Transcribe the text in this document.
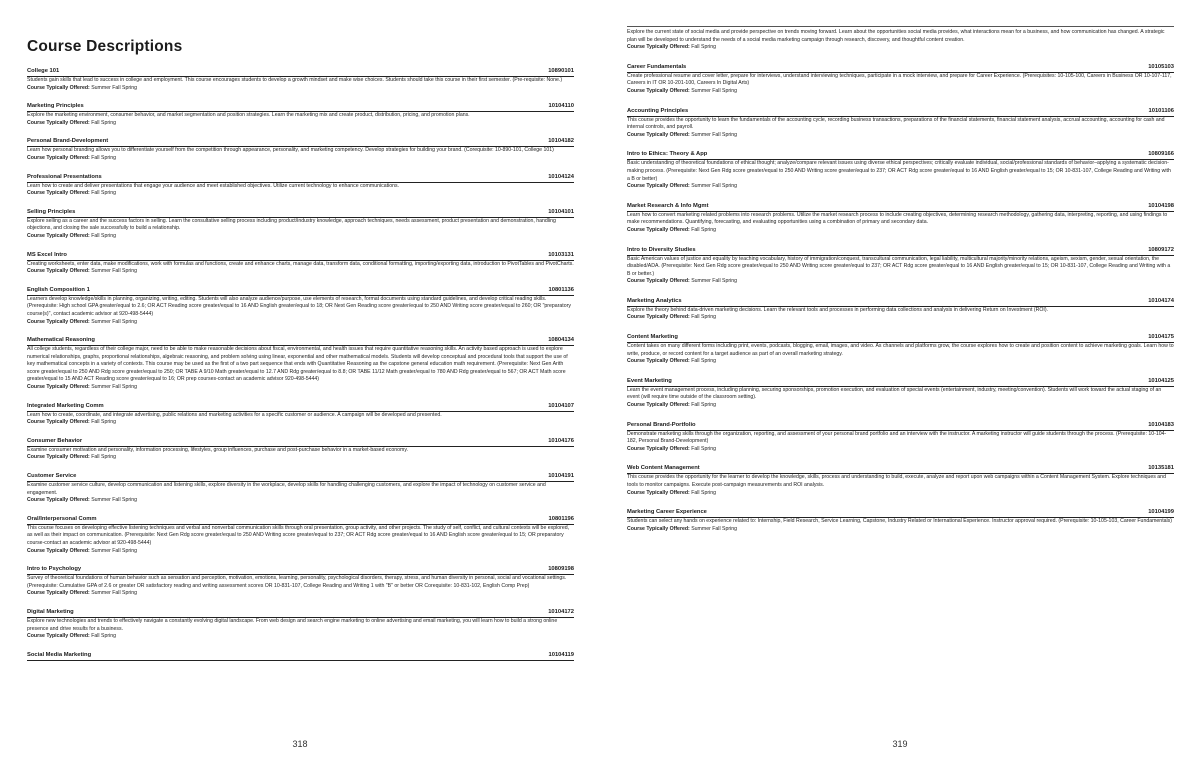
Course Descriptions
College 101	10890101

Students gain skills that lead to success in college and employment. This course encourages students to develop a growth mindset and make wise choices. Students should take this course in their first semester. (Pre-requisite: None.)

Course Typically Offered: Summer Fall Spring

Marketing Principles	10104110

Explore the marketing environment, consumer behavior, and market segmentation and position strategies. Learn the marketing mix and create product, distribution, pricing, and promotion plans.

Course Typically Offered: Fall Spring

Personal Brand-Development	10104182

Learn how personal branding allows you to differentiate yourself from the competition through appearance, personality, and marketing competency. Develop strategies for building your brand. (Corequisite: 10-890-101, College 101)

Course Typically Offered: Fall Spring

Professional Presentations	10104124

Learn how to create and deliver presentations that engage your audience and meet established objectives. Utilize current technology to enhance communications.

Course Typically Offered: Fall Spring

Selling Principles	10104101

Explore selling as a career and the success factors in selling. Learn the consultative selling process including product/industry knowledge, approach techniques, needs assessment, product presentation and demonstration, handling objections, and closing the sale successfully to build a relationship.

Course Typically Offered: Fall Spring

MS Excel Intro	10103131

Creating worksheets, enter data, make modifications, work with formulas and functions, create and enhance charts, manage data, transform data, conditional formatting, importing/exporting data, introduction to PivotTables and PivotCharts.

Course Typically Offered: Summer Fall Spring

English Composition 1	10801136

Learners develop knowledge/skills in planning, organizing, writing, editing. Students will also analyze audience/purpose, use elements of research, format documents using standard guidelines, and develop critical reading skills. (Prerequisite: High school GPA greater/equal to 2.6; OR ACT Reading score greater/equal to 16 AND English greater/equal to 18; OR Next Gen Reading score greater/equal to 250 AND Writing score greater/equal to 260; OR "preparatory course(s)", contact academic advisor at 920-498-5444)

Course Typically Offered: Summer Fall Spring

Mathematical Reasoning	10804134

All college students, regardless of their college major, need to be able to make reasonable decisions about fiscal, environmental, and health issues that require quantitative reasoning skills. An activity based approach is used to explore numerical relationships, graphs, proportional relationships, algebraic reasoning, and problem solving using linear, exponential and other mathematical models. Students will develop conceptual and procedural tools that support the use of key mathematical concepts in a variety of contexts. This course may be used as the first of a two part sequence that ends with Quantitative Reasoning as the capstone general education math requirement. (Prerequisite: Next Gen Arith score greater/equal to 250 AND Rdg score greater/equal to 250; OR TABE A 9/10 Math greater/equal to 12.7 AND Rdg greater/equal to 8.8; OR TABE 11/12 Math greater/equal to 780 AND Rdg greater/equal to 567; OR ACT Math score greater/equal to 15 AND ACT Reading score greater/equal to 16; OR prep courses-contact an academic advisor 920-498-5444)

Course Typically Offered: Summer Fall Spring

Integrated Marketing Comm	10104107

Learn how to create, coordinate, and integrate advertising, public relations and marketing activities for a specific customer or audience. A campaign will be developed and presented.

Course Typically Offered: Fall Spring

Consumer Behavior	10104176

Examine consumer motivation and personality, information processing, lifestyles, group influences, purchase and post-purchase behavior in a market-based economy.

Course Typically Offered: Fall Spring

Customer Service	10104191

Examine customer service culture, develop communication and listening skills, explore diversity in the workplace, develop skills for handling challenging customers, and explore the impact of technology on customer service and engagement.

Course Typically Offered: Summer Fall Spring

Oral/Interpersonal Comm	10801196

This course focuses on developing effective listening techniques and verbal and nonverbal communication skills through oral presentation, group activity, and other projects. The study of self, conflict, and cultural contexts will be explored, as well as their impact on communication. (Prerequisite: Next Gen Rdg score greater/equal to 250 AND Writing score greater/equal to 237; OR ACT Rdg score greater/equal to 16 AND English score greater/equal to 15; OR preparatory course-contact an academic advisor at 920-498-5444)

Course Typically Offered: Summer Fall Spring

Intro to Psychology	10809198

Survey of theoretical foundations of human behavior such as sensation and perception, motivation, emotions, learning, personality, psychological disorders, therapy, stress, and human diversity in personal, social and vocational settings. (Prerequisite: Cumulative GPA of 2.6 or greater OR satisfactory reading and writing assessment scores OR 10-831-107, College Reading and Writing 1 with "B" or better OR Corequisite: 10-831-102, English Comp Prep)

Course Typically Offered: Summer Fall Spring

Digital Marketing	10104172

Explore new technologies and trends to effectively navigate a constantly evolving digital landscape. From web design and search engine marketing to online advertising and email marketing, you will learn how to build a strong online presence and drive results for a business.

Course Typically Offered: Fall Spring

Social Media Marketing	10104119
318

Explore the current state of social media and provide perspective on trends moving forward. Learn about the opportunities social media provides, what interactions mean for a business, and how communication has changed. A strategic plan will be developed to understand the needs of a social media marketing campaign through research, discovery, and thoughtful content creation.

Course Typically Offered: Fall Spring

Career Fundamentals	10105103

Create professional resume and cover letter, prepare for interviews, understand interviewing techniques, participate in a mock interview, and prepare for Career Experience. (Prerequisites: 10-105-100, Careers in Business OR 10-107-117, Careers in IT OR 10-201-100, Careers In Digital Arts)

Course Typically Offered: Summer Fall Spring

Accounting Principles	10101106

This course provides the opportunity to learn the fundamentals of the accounting cycle, recording business transactions, preparations of the financial statements, financial statement analysis, accrual accounting, accounting for cash and internal controls, and payroll.

Course Typically Offered: Summer Fall Spring

Intro to Ethics: Theory & App	10809166

Basic understanding of theoretical foundations of ethical thought; analyze/compare relevant issues using diverse ethical perspectives; critically evaluate individual, social/professional standards of behavior–applying a systematic decision-making process. (Prerequisite: Next Gen Rdg score greater/equal to 250 AND Writing score greater/equal to 237; OR ACT Rdg score greater/equal to 16 AND English greater/equal to 15; OR 10-831-107, College Reading and Writing with a B or better)

Course Typically Offered: Summer Fall Spring

Market Research & Info Mgmt	10104198

Learn how to convert marketing related problems into research problems. Utilize the market research process to include creating objectives, determining research methodology, gathering data, interpreting, reporting, and using findings to make recommendations. Quantifying, forecasting, and evaluating opportunities using a combination of primary and secondary data.

Course Typically Offered: Fall Spring

Intro to Diversity Studies	10809172

Basic American values of justice and equality by teaching vocabulary, history of immigration/conquest, transcultural communication, legal liability, multicultural majority/minority relations, ageism, sexism, gender, sexual orientation, the disabled/ADA. (Prerequisite: Next Gen Rdg score greater/equal to 250 AND Writing score greater/equal to 237; OR ACT Rdg score greater/equal to 16 AND English greater/equal to 15; OR 10-831-107, College Reading and Writing with a B or better.)

Course Typically Offered: Summer Fall Spring

Marketing Analytics	10104174

Explore the theory behind data-driven marketing decisions. Learn the relevant tools and processes in performing data collections and analysis in delivering Return on Investment (ROI).

Course Typically Offered: Fall Spring

Content Marketing	10104175

Content takes on many different forms including print, events, podcasts, blogging, email, images, and video. As channels and platforms grow, the course explores how to create and position content to achieve marketing goals. Learn how to write, produce, or record content for a target audience as part of an overall marketing strategy.

Course Typically Offered: Fall Spring

Event Marketing	10104125

Learn the event management process, including planning, securing sponsorships, promotion execution, and evaluation of special events (entertainment, industry, meeting/convention). Students will work toward the actual staging of an event (will require time outside of the classroom setting).

Course Typically Offered: Fall Spring

Personal Brand-Portfolio	10104183

Demonstrate marketing skills through the organization, reporting, and assessment of your personal brand portfolio and an interview with the instructor. A marketing instructor will guide students through the process. (Prerequisite: 10-104-182, Personal Brand-Development)

Course Typically Offered: Fall Spring

Web Content Management	10135181

This course provides the opportunity for the learner to develop the knowledge, skills, process and understanding to build, execute, analyze and report upon web campaigns within a Content Management System. Explore techniques and tools to monitor campaigns. Execute post-campaign measurements and ROI analysis.

Course Typically Offered: Fall Spring

Marketing Career Experience	10104199

Students can select any hands on experience related to: Internship, Field Research, Service Learning, Capstone, Industry Related or International Experience. Instructor approval required. (Prerequisite: 10-105-103, Career Fundamentals)

Course Typically Offered: Summer Fall Spring

319
